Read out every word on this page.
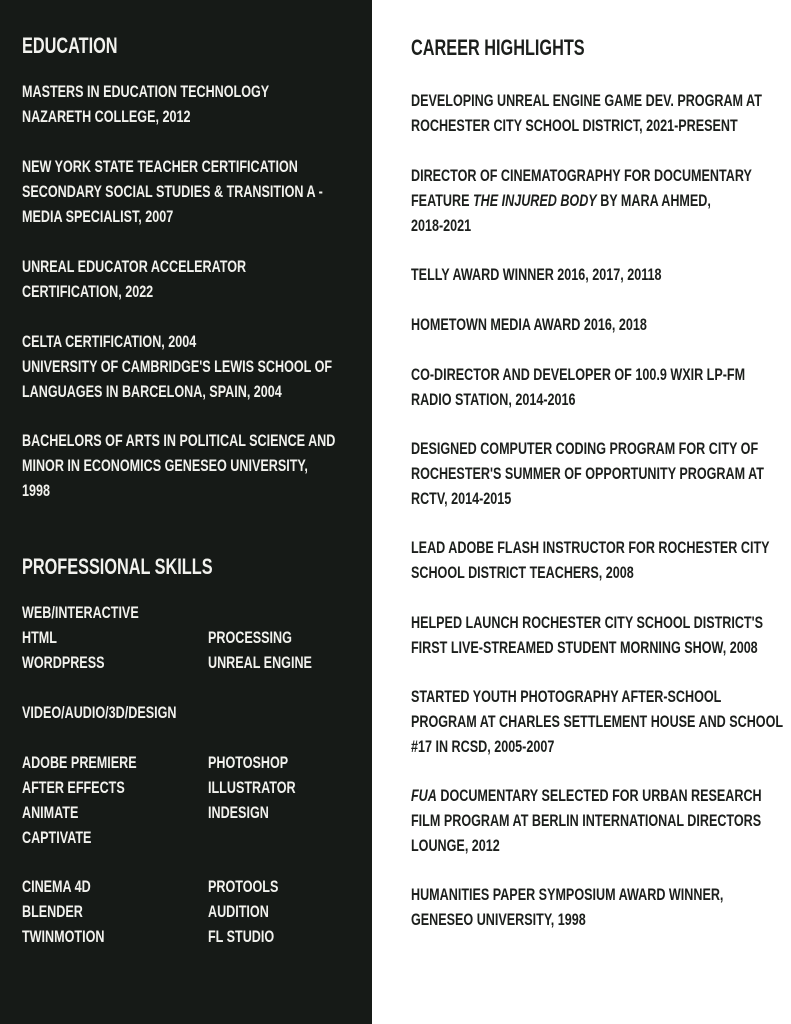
EDUCATION
MASTERS IN EDUCATION TECHNOLOGY
NAZARETH COLLEGE, 2012
NEW YORK STATE TEACHER CERTIFICATION
SECONDARY SOCIAL STUDIES & TRANSITION A -
MEDIA SPECIALIST, 2007
UNREAL EDUCATOR ACCELERATOR
CERTIFICATION, 2022
CELTA CERTIFICATION, 2004
UNIVERSITY OF CAMBRIDGE'S LEWIS SCHOOL OF
LANGUAGES IN BARCELONA, SPAIN, 2004
BACHELORS OF ARTS IN POLITICAL SCIENCE AND
MINOR IN ECONOMICS GENESEO UNIVERSITY,
1998
PROFESSIONAL SKILLS
WEB/INTERACTIVE
HTML
WORDPRESS
PROCESSING
UNREAL ENGINE
VIDEO/AUDIO/3D/DESIGN
ADOBE PREMIERE
AFTER EFFECTS
ANIMATE
CAPTIVATE
PHOTOSHOP
ILLUSTRATOR
INDESIGN
CINEMA 4D
BLENDER
TWINMOTION
PROTOOLS
AUDITION
FL STUDIO
CAREER HIGHLIGHTS
DEVELOPING UNREAL ENGINE GAME DEV. PROGRAM AT
ROCHESTER CITY SCHOOL DISTRICT, 2021-PRESENT
DIRECTOR OF CINEMATOGRAPHY FOR DOCUMENTARY
FEATURE THE INJURED BODY BY MARA AHMED,
2018-2021
TELLY AWARD WINNER 2016, 2017, 20118
HOMETOWN MEDIA AWARD 2016, 2018
CO-DIRECTOR AND DEVELOPER OF 100.9 WXIR LP-FM
RADIO STATION, 2014-2016
DESIGNED COMPUTER CODING PROGRAM FOR CITY OF
ROCHESTER'S SUMMER OF OPPORTUNITY PROGRAM AT
RCTV, 2014-2015
LEAD ADOBE FLASH INSTRUCTOR FOR ROCHESTER CITY
SCHOOL DISTRICT TEACHERS, 2008
HELPED LAUNCH ROCHESTER CITY SCHOOL DISTRICT'S
FIRST LIVE-STREAMED STUDENT MORNING SHOW, 2008
STARTED YOUTH PHOTOGRAPHY AFTER-SCHOOL
PROGRAM AT CHARLES SETTLEMENT HOUSE AND SCHOOL
#17 IN RCSD, 2005-2007
FUA DOCUMENTARY SELECTED FOR URBAN RESEARCH
FILM PROGRAM AT BERLIN INTERNATIONAL DIRECTORS
LOUNGE, 2012
HUMANITIES PAPER SYMPOSIUM AWARD WINNER,
GENESEO UNIVERSITY, 1998
